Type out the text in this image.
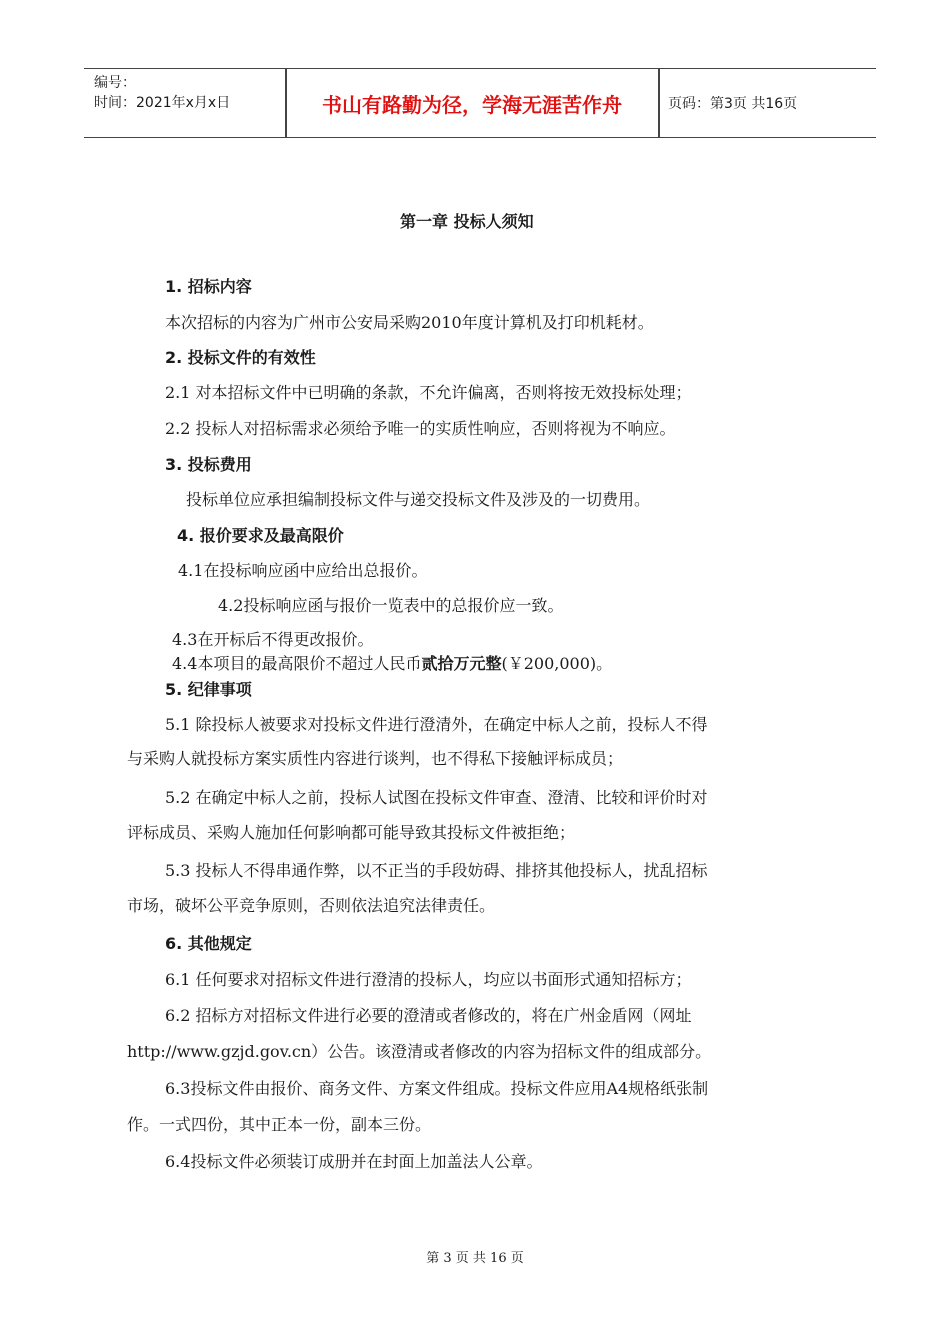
编号：
时间：2021年x月x日	书山有路勤为径，学海无涯苦作舟	页码：第3页 共16页
第一章 投标人须知
1. 招标内容
本次招标的内容为广州市公安局采购2010年度计算机及打印机耗材。
2. 投标文件的有效性
2.1 对本招标文件中已明确的条款，不允许偏离，否则将按无效投标处理；
2.2 投标人对招标需求必须给予唯一的实质性响应，否则将视为不响应。
3. 投标费用
投标单位应承担编制投标文件与递交投标文件及涉及的一切费用。
4. 报价要求及最高限价
4.1在投标响应函中应给出总报价。
4.2投标响应函与报价一览表中的总报价应一致。
4.3在开标后不得更改报价。
4.4本项目的最高限价不超过人民币贰拾万元整(￥200,000)。
5. 纪律事项
5.1 除投标人被要求对投标文件进行澄清外，在确定中标人之前，投标人不得
与采购人就投标方案实质性内容进行谈判，也不得私下接触评标成员；
5.2 在确定中标人之前，投标人试图在投标文件审查、澄清、比较和评价时对
评标成员、采购人施加任何影响都可能导致其投标文件被拒绝；
5.3 投标人不得串通作弊，以不正当的手段妨碍、排挤其他投标人，扰乱招标
市场，破坏公平竞争原则，否则依法追究法律责任。
6. 其他规定
6.1 任何要求对招标文件进行澄清的投标人，均应以书面形式通知招标方；
6.2 招标方对招标文件进行必要的澄清或者修改的，将在广州金盾网（网址
http://www.gzjd.gov.cn）公告。该澄清或者修改的内容为招标文件的组成部分。
6.3投标文件由报价、商务文件、方案文件组成。投标文件应用A4规格纸张制
作。一式四份，其中正本一份，副本三份。
6.4投标文件必须装订成册并在封面上加盖法人公章。
第 3 页 共 16 页
